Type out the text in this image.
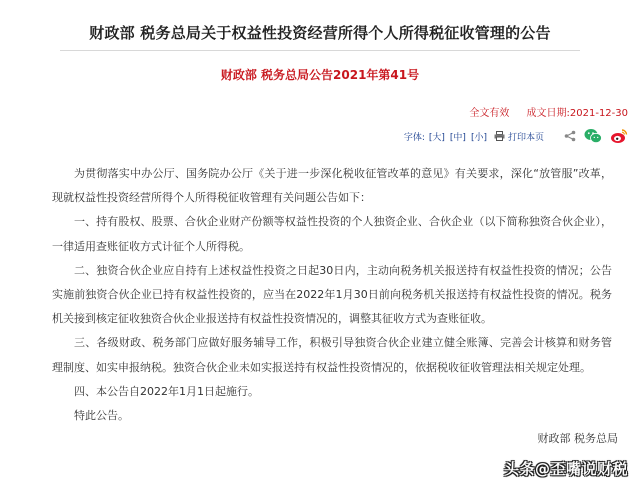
财政部 税务总局关于权益性投资经营所得个人所得税征收管理的公告
财政部 税务总局公告2021年第41号
全文有效 成文日期:2021-12-30
字体: [大] [中] [小] 打印本页

为贯彻落实中办公厅、国务院办公厅《关于进一步深化税收征管改革的意见》有关要求，深化“放管服”改革，现就权益性投资经营所得个人所得税征收管理有关问题公告如下：

一、持有股权、股票、合伙企业财产份额等权益性投资的个人独资企业、合伙企业（以下简称独资合伙企业），一律适用查账征收方式计征个人所得税。

二、独资合伙企业应自持有上述权益性投资之日起30日内，主动向税务机关报送持有权益性投资的情况；公告实施前独资合伙企业已持有权益性投资的，应当在2022年1月30日前向税务机关报送持有权益性投资的情况。税务机关接到核定征收独资合伙企业报送持有权益性投资情况的，调整其征收方式为查账征收。

三、各级财政、税务部门应做好服务辅导工作，积极引导独资合伙企业建立健全账簿、完善会计核算和财务管理制度、如实申报纳税。独资合伙企业未如实报送持有权益性投资情况的，依据税收征收管理法相关规定处理。

四、本公告自2022年1月1日起施行。

特此公告。

财政部 税务总局
头条@歪嘴说财税
